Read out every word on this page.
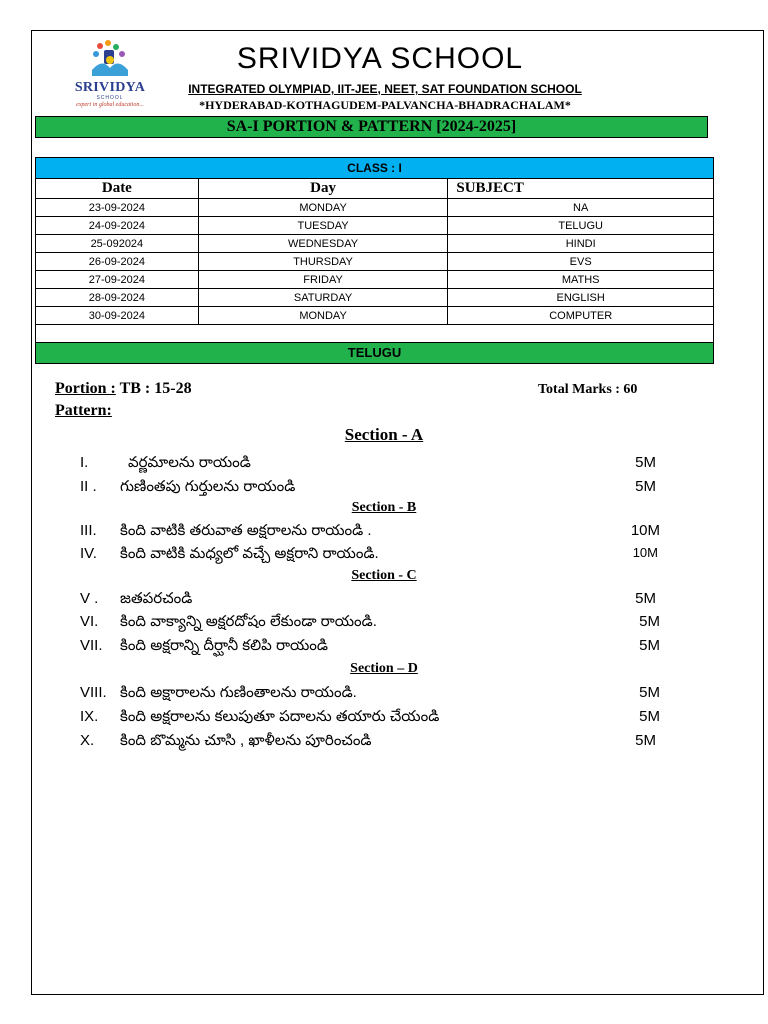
SRIVIDYA
SCHOOL
expert in global education...
SRIVIDYA SCHOOL
INTEGRATED OLYMPIAD, IIT-JEE, NEET, SAT FOUNDATION SCHOOL
*HYDERABAD-KOTHAGUDEM-PALVANCHA-BHADRACHALAM*
SA-I PORTION & PATTERN [2024-2025]
CLASS : I		
Date	Day	SUBJECT
23-09-2024	MONDAY	NA
24-09-2024	TUESDAY	TELUGU
25-092024	WEDNESDAY	HINDI
26-09-2024	THURSDAY	EVS
27-09-2024	FRIDAY	MATHS
28-09-2024	SATURDAY	ENGLISH
30-09-2024	MONDAY	COMPUTER

TELUGU
Portion : TB : 15-28	Total Marks : 60
Pattern:
Section - A
I.	వర్ణమాలను రాయండి	5M
II . గుణింతపు గుర్తులను రాయండి	5M
Section - B
III. కింది వాటికి తరువాత అక్షరాలను రాయండి .	10M
IV. కింది వాటికి మధ్యలో వచ్చే అక్షరాని రాయండి.	10M
Section - C
V . జతపరచండి	5M
VI. కింది వాక్యాన్ని అక్షరదోషం లేకుండా రాయండి.	5M
VII. కింది అక్షరాన్ని దీర్ఘానీ కలిపి రాయండి	5M
Section – D
VIII. కింది అక్షారాలను గుణింతాలను రాయండి.	5M
IX. కింది అక్షరాలను కలుపుతూ పదాలను తయారు చేయండి	5M
X. కింది బొమ్మను చూసి , ఖాళీలను పూరించండి	5M
